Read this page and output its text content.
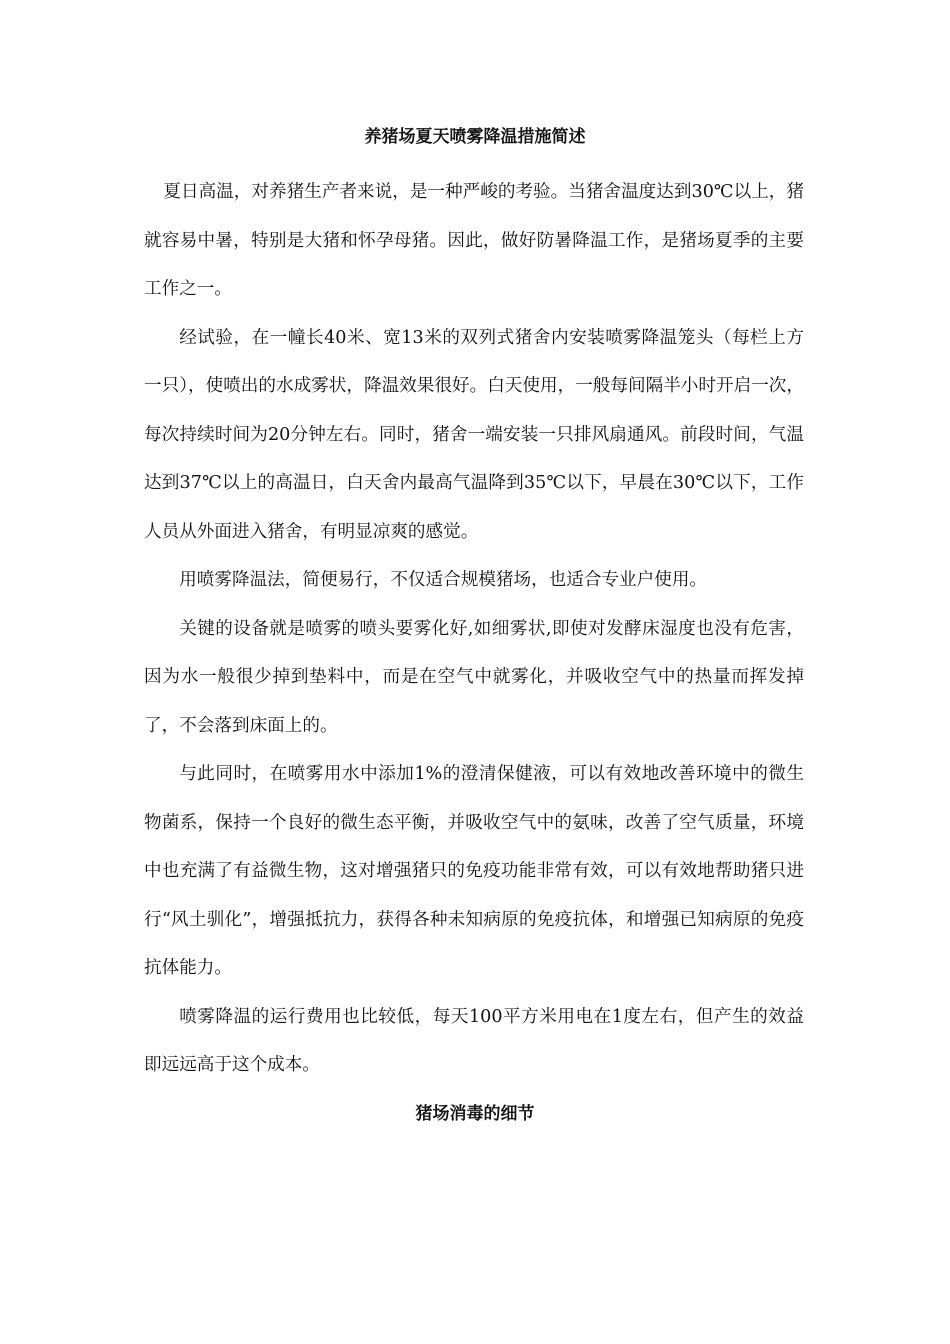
养猪场夏天喷雾降温措施简述

夏日高温，对养猪生产者来说，是一种严峻的考验。当猪舍温度达到30℃以上，猪就容易中暑，特别是大猪和怀孕母猪。因此，做好防暑降温工作，是猪场夏季的主要工作之一。

经试验，在一幢长40米、宽13米的双列式猪舍内安装喷雾降温笼头（每栏上方一只），使喷出的水成雾状，降温效果很好。白天使用，一般每间隔半小时开启一次，每次持续时间为20分钟左右。同时，猪舍一端安装一只排风扇通风。前段时间，气温达到37℃以上的高温日，白天舍内最高气温降到35℃以下，早晨在30℃以下，工作人员从外面进入猪舍，有明显凉爽的感觉。

用喷雾降温法，简便易行，不仅适合规模猪场，也适合专业户使用。

关键的设备就是喷雾的喷头要雾化好,如细雾状,即使对发酵床湿度也没有危害，因为水一般很少掉到垫料中，而是在空气中就雾化，并吸收空气中的热量而挥发掉了，不会落到床面上的。

与此同时，在喷雾用水中添加1%的澄清保健液，可以有效地改善环境中的微生物菌系，保持一个良好的微生态平衡，并吸收空气中的氨味，改善了空气质量，环境中也充满了有益微生物，这对增强猪只的免疫功能非常有效，可以有效地帮助猪只进行“风土驯化”，增强抵抗力，获得各种未知病原的免疫抗体，和增强已知病原的免疫抗体能力。

喷雾降温的运行费用也比较低，每天100平方米用电在1度左右，但产生的效益即远远高于这个成本。

猪场消毒的细节
